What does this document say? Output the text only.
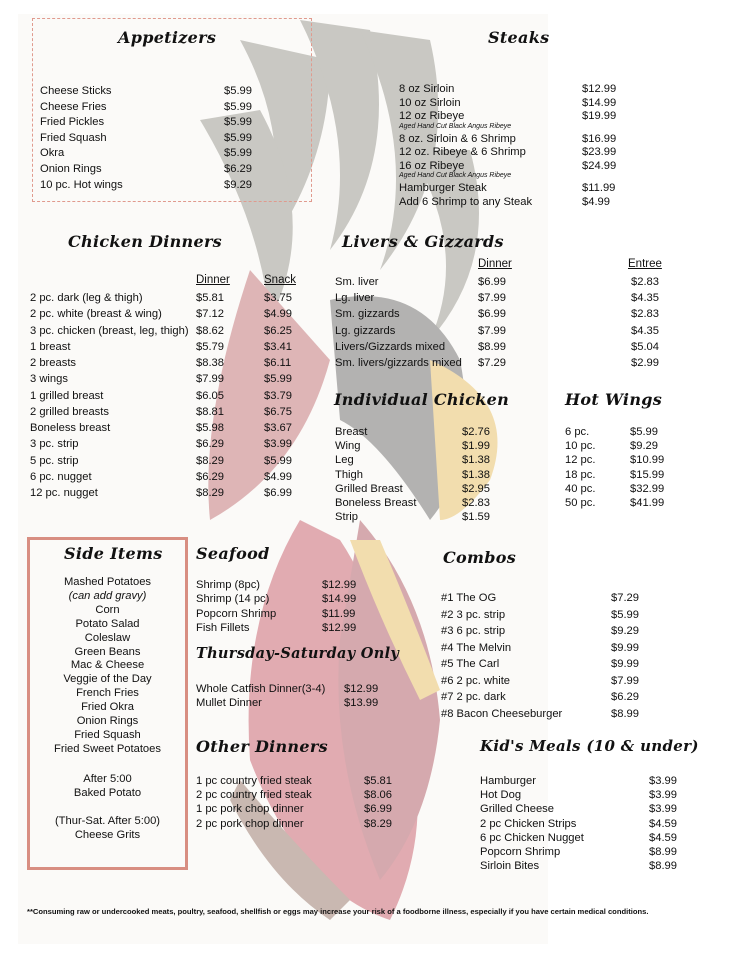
Appetizers	Steaks
Chicken Dinners
Dinner	Snack
Livers & Gizzards
Dinner	Entree
Individual Chicken	Hot Wings
Side Items
After 5:00
Baked Potato
(Thur-Sat. After 5:00)
Cheese Grits
Seafood
Thursday-Saturday Only
Other Dinners
Combos
Kid's Meals (10 & under)
**Consuming raw or undercooked meats, poultry, seafood, shellfish or eggs may increase your risk of a foodborne illness, especially if you have certain medical conditions.
Cheese Sticks	$5.99
Cheese Fries	$5.99
Fried Pickles	$5.99
Fried Squash	$5.99
Okra	$5.99
Onion Rings	$6.29
10 pc. Hot wings	$9.29
8 oz Sirloin	$12.99
10 oz Sirloin	$14.99
12 oz Ribeye	$19.99
Aged Hand Cut Black Angus Ribeye
8 oz. Sirloin & 6 Shrimp	$16.99
12 oz. Ribeye & 6 Shrimp	$23.99
16 oz Ribeye	$24.99
Aged Hand Cut Black Angus Ribeye
Hamburger Steak	$11.99
Add 6 Shrimp to any Steak	$4.99
2 pc. dark (leg & thigh)	$5.81	$3.75
2 pc. white (breast & wing)	$7.12	$4.99
3 pc. chicken (breast, leg, thigh) $8.62	$6.25
1 breast	$5.79	$3.41
2 breasts	$8.38	$6.11
3 wings	$7.99	$5.99
1 grilled breast	$6.05	$3.79
2 grilled breasts	$8.81	$6.75
Boneless breast	$5.98	$3.67
3 pc. strip	$6.29	$3.99
5 pc. strip	$8.29	$5.99
6 pc. nugget	$6.29	$4.99
12 pc. nugget	$8.29	$6.99
Sm. liver	$6.99	$2.83
Lg. liver	$7.99	$4.35
Sm. gizzards	$6.99	$2.83
Lg. gizzards	$7.99	$4.35
Livers/Gizzards mixed	$8.99	$5.04
Sm. livers/gizzards mixed $7.29	$2.99
Breast	$2.76
Wing	$1.99
Leg	$1.38
Thigh	$1.38
Grilled Breast	$2.95
Boneless Breast	$2.83
Strip	$1.59
6 pc.	$5.99
10 pc.	$9.29
12 pc.	$10.99
18 pc.	$15.99
40 pc.	$32.99
50 pc.	$41.99
Mashed Potatoes
(can add gravy)
Corn
Potato Salad
Coleslaw
Green Beans
Mac & Cheese
Veggie of the Day
French Fries
Fried Okra
Onion Rings
Fried Squash
Fried Sweet Potatoes
Shrimp (8pc)	$12.99
Shrimp (14 pc)	$14.99
Popcorn Shrimp	$11.99
Fish Fillets	$12.99
Whole Catfish Dinner(3-4) $12.99
Mullet Dinner	$13.99
1 pc country fried steak	$5.81
2 pc country fried steak	$8.06
1 pc pork chop dinner	$6.99
2 pc pork chop dinner	$8.29
#1 The OG	$7.29
#2 3 pc. strip	$5.99
#3 6 pc. strip	$9.29
#4 The Melvin	$9.99
#5 The Carl	$9.99
#6 2 pc. white	$7.99
#7 2 pc. dark	$6.29
#8 Bacon Cheeseburger	$8.99
Hamburger	$3.99
Hot Dog	$3.99
Grilled Cheese	$3.99
2 pc Chicken Strips	$4.59
6 pc Chicken Nugget	$4.59
Popcorn Shrimp	$8.99
Sirloin Bites	$8.99
